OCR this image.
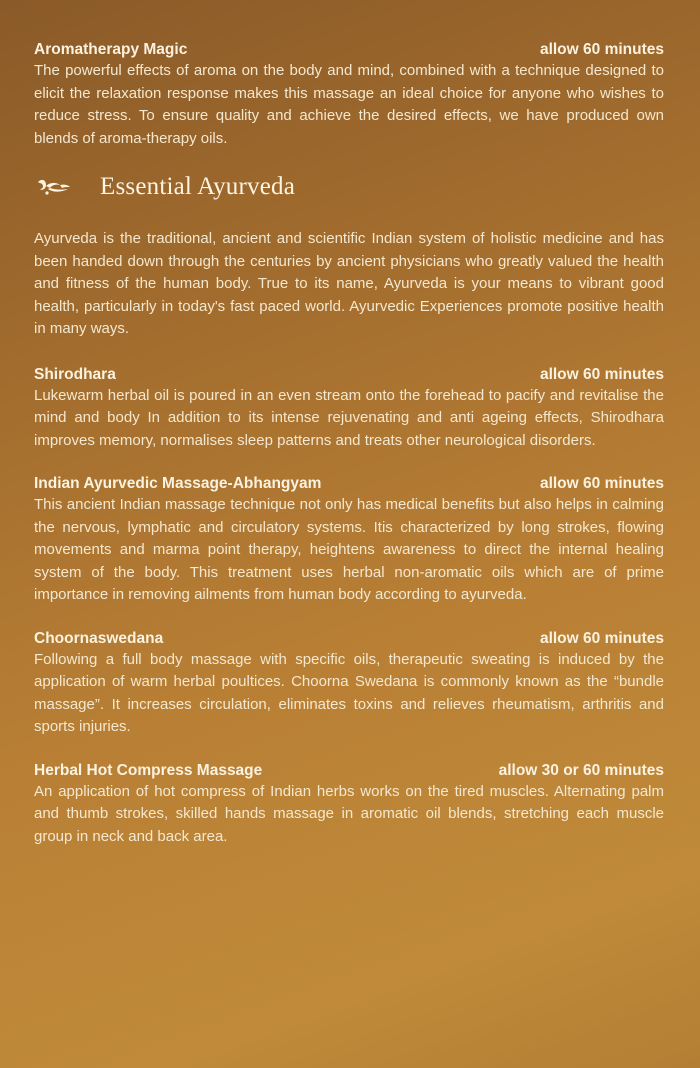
Aromatherapy Magic	allow 60 minutes
The powerful effects of aroma on the body and mind, combined with a technique designed to elicit the relaxation response makes this massage an ideal choice for anyone who wishes to reduce stress. To ensure quality and achieve the desired effects, we have produced own blends of aroma-therapy oils.
Essential Ayurveda
Ayurveda is the traditional, ancient and scientific Indian system of holistic medicine and has been handed down through the centuries by ancient physicians who greatly valued the health and fitness of the human body. True to its name, Ayurveda is your means to vibrant good health, particularly in today's fast paced world. Ayurvedic Experiences promote positive health in many ways.
Shirodhara	allow 60 minutes
Lukewarm herbal oil is poured in an even stream onto the forehead to pacify and revitalise the mind and body In addition to its intense rejuvenating and anti ageing effects, Shirodhara improves memory, normalises sleep patterns and treats other neurological disorders.
Indian Ayurvedic Massage-Abhangyam	allow 60 minutes
This ancient Indian massage technique not only has medical benefits but also helps in calming the nervous, lymphatic and circulatory systems. Itis characterized by long strokes, flowing movements and marma point therapy, heightens awareness to direct the internal healing system of the body. This treatment uses herbal non-aromatic oils which are of prime importance in removing ailments from human body according to ayurveda.
Choornaswedana	allow 60 minutes
Following a full body massage with specific oils, therapeutic sweating is induced by the application of warm herbal poultices. Choorna Swedana is commonly known as the “bundle massage”. It increases circulation, eliminates toxins and relieves rheumatism, arthritis and sports injuries.
Herbal Hot Compress Massage	allow 30 or 60 minutes
An application of hot compress of Indian herbs works on the tired muscles. Alternating palm and thumb strokes, skilled hands massage in aromatic oil blends, stretching each muscle group in neck and back area.
